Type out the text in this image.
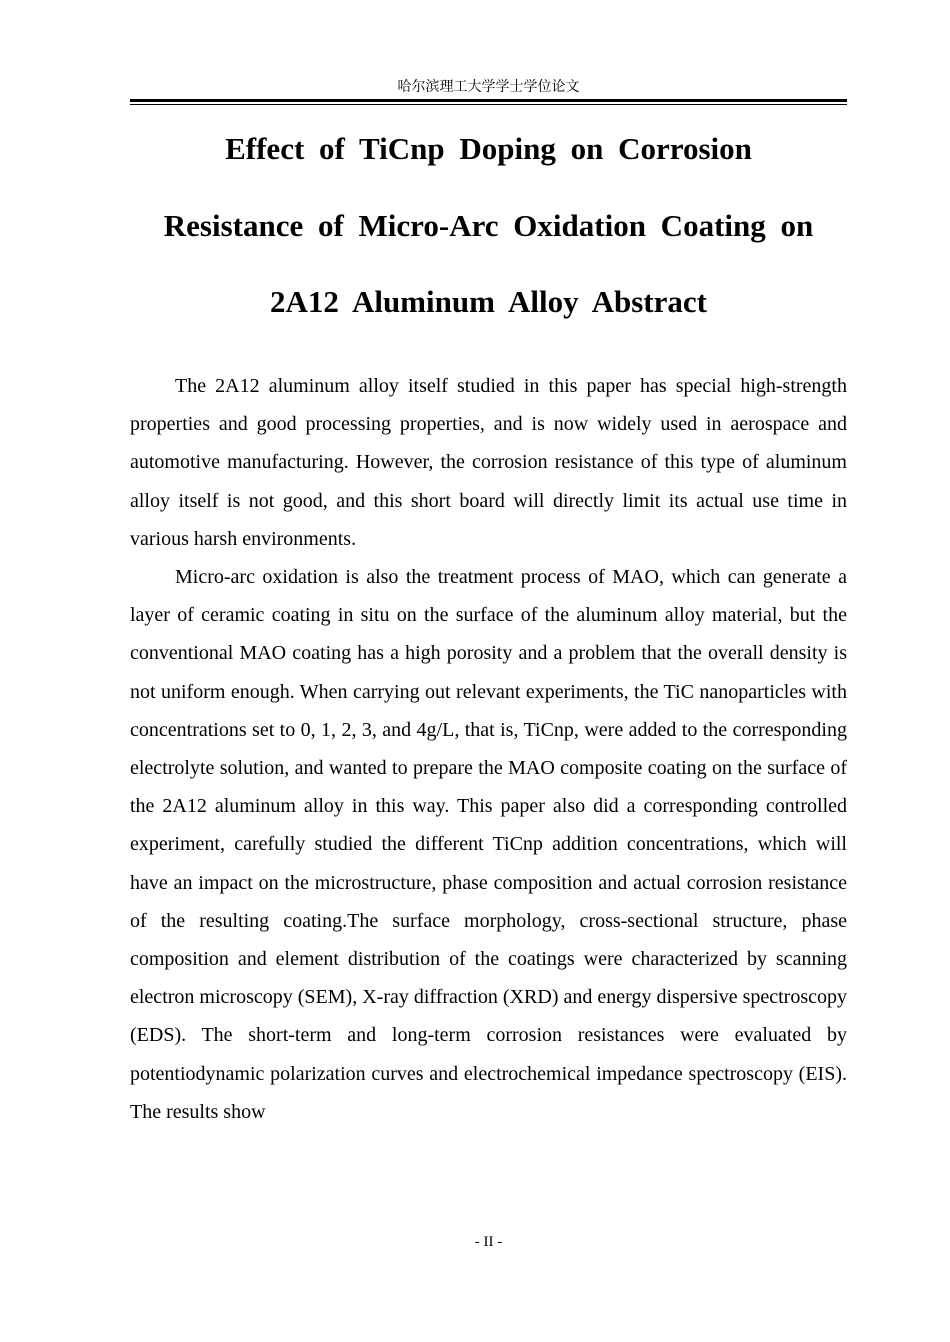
哈尔滨理工大学学士学位论文
Effect of TiCnp Doping on Corrosion
Resistance of Micro-Arc Oxidation Coating on
2A12 Aluminum Alloy Abstract

The 2A12 aluminum alloy itself studied in this paper has special high-strength properties and good processing properties, and is now widely used in aerospace and automotive manufacturing. However, the corrosion resistance of this type of aluminum alloy itself is not good, and this short board will directly limit its actual use time in various harsh environments.

Micro-arc oxidation is also the treatment process of MAO, which can generate a layer of ceramic coating in situ on the surface of the aluminum alloy material, but the conventional MAO coating has a high porosity and a problem that the overall density is not uniform enough. When carrying out relevant experiments, the TiC nanoparticles with concentrations set to 0, 1, 2, 3, and 4g/L, that is, TiCnp, were added to the corresponding electrolyte solution, and wanted to prepare the MAO composite coating on the surface of the 2A12 aluminum alloy in this way. This paper also did a corresponding controlled experiment, carefully studied the different TiCnp addition concentrations, which will have an impact on the microstructure, phase composition and actual corrosion resistance of the resulting coating.The surface morphology, cross-sectional structure, phase composition and element distribution of the coatings were characterized by scanning electron microscopy (SEM), X-ray diffraction (XRD) and energy dispersive spectroscopy (EDS). The short-term and long-term corrosion resistances were evaluated by potentiodynamic polarization curves and electrochemical impedance spectroscopy (EIS). The results show

- II -
